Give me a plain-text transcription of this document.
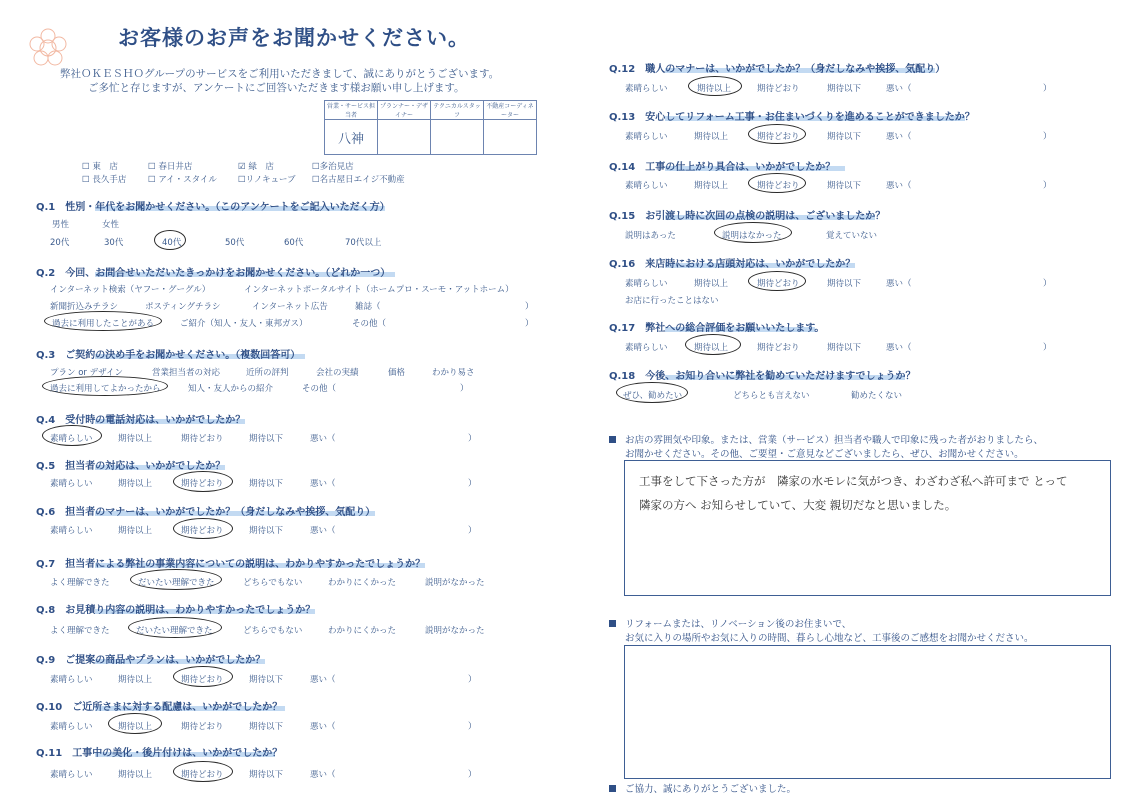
お客様のお声をお聞かせください。
弊社ＯＫＥＳＨＯグループのサービスをご利用いただきまして、誠にありがとうございます。
ご多忙と存じますが、アンケートにご回答いただきます様お願い申し上げます。
営業・サービス担当者	プランナー・デザイナー	テクニカルスタッフ	不動産コーディネーター
八神			
☐ 東　店	☐ 春日井店	☑ 緑　店	☐多治見店
☐ 長久手店	☐ アイ・スタイル ☐リノキューブ ☐名古屋日エイジ不動産
Q.1　 性別・年代をお聞かせください。（このアンケートをご記入いただく方）
男性	女性
20代	30代	40代	50代	60代	70代以上
Q.2　 今回、お問合せいただいたきっかけをお聞かせください。（どれか一つ）
インターネット検索（ヤフー・グーグル）	インターネットポータルサイト（ホームプロ・スーモ・アットホーム）
新聞折込みチラシ	ポスティングチラシ	インターネット広告	雑誌（	）
過去に利用したことがある	ご紹介（知人・友人・東邦ガス）	その他（	）
Q.3　 ご契約の決め手をお聞かせください。（複数回答可）
プラン or デザイン	営業担当者の対応	近所の評判	会社の実績	価格	わかり易さ
過去に利用してよかったから	知人・友人からの紹介	その他（	）
Q.4　 受付時の電話対応は、いかがでしたか？
素晴らしい	期待以上	期待どおり	期待以下	悪い（	）
Q.5　 担当者の対応は、いかがでしたか？
素晴らしい	期待以上	期待どおり	期待以下	悪い（	）
Q.6　 担当者のマナーは、いかがでしたか？（身だしなみや挨拶、気配り）
素晴らしい	期待以上	期待どおり	期待以下	悪い（	）
Q.7　 担当者による弊社の事業内容についての説明は、わかりやすかったでしょうか？
よく理解できた	だいたい理解できた	どちらでもない	わかりにくかった	説明がなかった
Q.8　 お見積り内容の説明は、わかりやすかったでしょうか？
よく理解できた	だいたい理解できた	どちらでもない	わかりにくかった	説明がなかった
Q.9　 ご提案の商品やプランは、いかがでしたか？
素晴らしい	期待以上	期待どおり	期待以下	悪い（	）
Q.10　 ご近所さまに対する配慮は、いかがでしたか？
素晴らしい	期待以上	期待どおり	期待以下	悪い（	）
Q.11　 工事中の美化・後片付けは、いかがでしたか？
素晴らしい	期待以上	期待どおり	期待以下	悪い（	）
Q.12　 職人のマナーは、いかがでしたか？（身だしなみや挨拶、気配り）
素晴らしい	期待以上	期待どおり	期待以下	悪い（	）
Q.13　 安心してリフォーム工事・お住まいづくりを進めることができましたか？
素晴らしい	期待以上	期待どおり	期待以下	悪い（	）
Q.14　 工事の仕上がり具合は、いかがでしたか？
素晴らしい	期待以上	期待どおり	期待以下	悪い（	）
Q.15　 お引渡し時に次回の点検の説明は、ございましたか？
説明はあった	説明はなかった	覚えていない
Q.16　 来店時における店頭対応は、いかがでしたか？
素晴らしい	期待以上	期待どおり	期待以下	悪い（	）
お店に行ったことはない
Q.17　 弊社への総合評価をお願いいたします。
素晴らしい	期待以上	期待どおり	期待以下	悪い（	）
Q.18　 今後、お知り合いに弊社を勧めていただけますでしょうか？
ぜひ、勧めたい	どちらとも言えない	勧めたくない
お店の雰囲気や印象。または、営業（サービス）担当者や職人で印象に残った者がおりましたら、
お聞かせください。その他、ご要望・ご意見などございましたら、ぜひ、お聞かせください。
工事をして下さった方が　隣家の水モレに気がつき、わざわざ私へ許可まで とって
隣家の方へ お知らせしていて、大変 親切だなと思いました。
リフォームまたは、リノベーション後のお住まいで、
お気に入りの場所やお気に入りの時間、暮らし心地など、工事後のご感想をお聞かせください。
ご協力、誠にありがとうございました。
